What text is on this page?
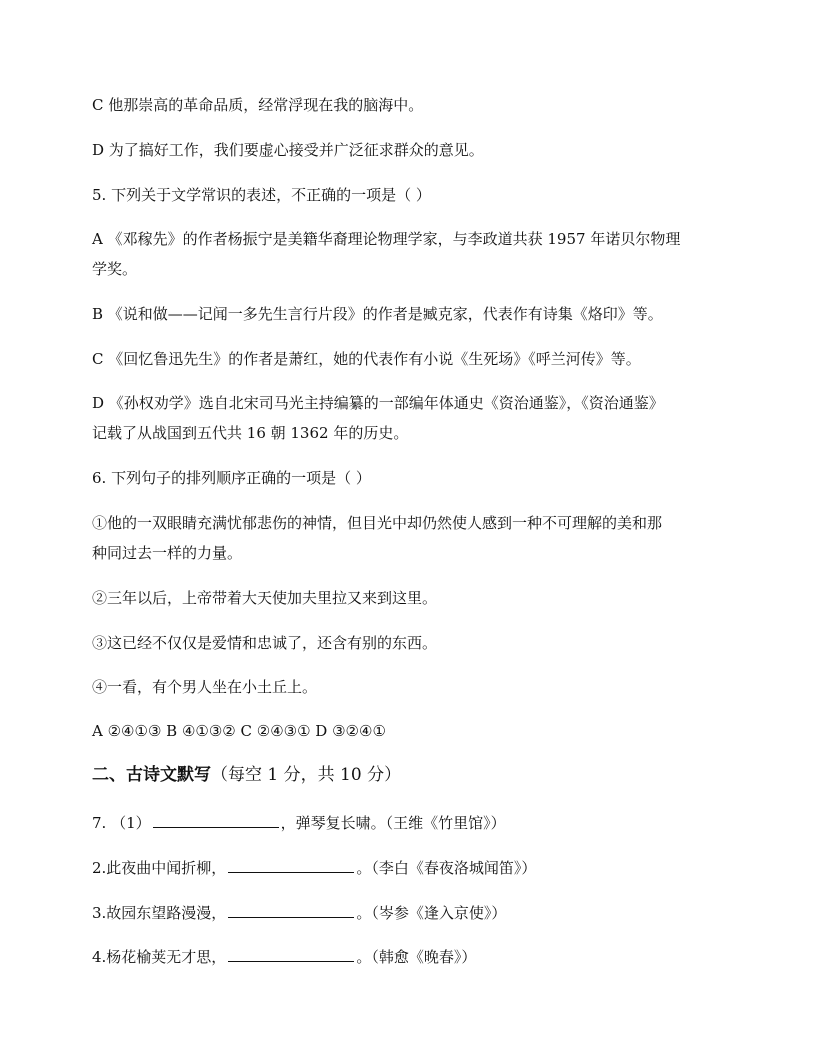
C 他那崇高的革命品质，经常浮现在我的脑海中。
D 为了搞好工作，我们要虚心接受并广泛征求群众的意见。
5. 下列关于文学常识的表述，不正确的一项是（ ）
A 《邓稼先》的作者杨振宁是美籍华裔理论物理学家，与李政道共获 1957 年诺贝尔物理
学奖。
B 《说和做——记闻一多先生言行片段》的作者是臧克家，代表作有诗集《烙印》等。
C 《回忆鲁迅先生》的作者是萧红，她的代表作有小说《生死场》《呼兰河传》等。
D 《孙权劝学》选自北宋司马光主持编纂的一部编年体通史《资治通鉴》，《资治通鉴》
记载了从战国到五代共 16 朝 1362 年的历史。
6. 下列句子的排列顺序正确的一项是（ ）
①他的一双眼睛充满忧郁悲伤的神情，但目光中却仍然使人感到一种不可理解的美和那
种同过去一样的力量。
②三年以后，上帝带着大天使加夫里拉又来到这里。
③这已经不仅仅是爱情和忠诚了，还含有别的东西。
④一看，有个男人坐在小土丘上。
A ②④①③ B ④①③② C ②④③① D ③②④①
二、古诗文默写（每空 1 分，共 10 分）
7. （1）	，弹琴复长啸。（王维《竹里馆》）
2.此夜曲中闻折柳，	。（李白《春夜洛城闻笛》）
3.故园东望路漫漫，	。（岑参《逢入京使》）
4.杨花榆荚无才思，	。（韩愈《晚春》）
